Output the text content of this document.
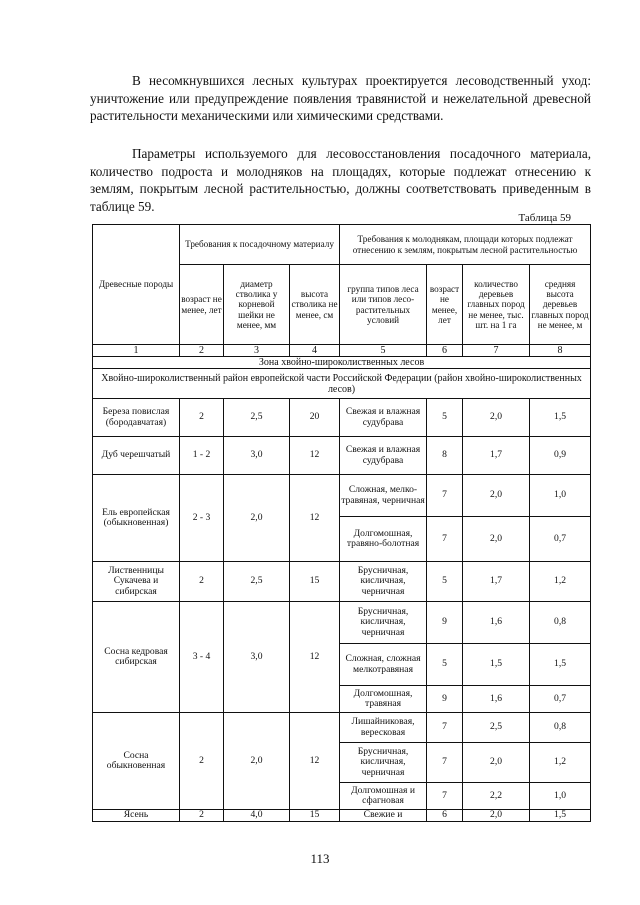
В несомкнувшихся лесных культурах проектируется лесоводственный уход: уничтожение или предупреждение появления травянистой и нежелательной древесной растительности механическими или химическими средствами.
Параметры используемого для лесовосстановления посадочного материала, количество подроста и молодняков на площадях, которые подлежат отнесению к землям, покрытым лесной растительностью, должны соответствовать приведенным в таблице 59.
Таблица 59
Древесные породы	Требования к посадочному материалу			Требования к молоднякам, площади которых подлежат отнесению к землям, покрытым лесной растительностью			
	возраст не менее, лет	диаметр стволика у корневой шейки не менее, мм	высота стволика не менее, см	группа типов леса или типов лесо-растительных условий	возраст не менее, лет	количество деревьев главных пород не менее, тыс. шт. на 1 га	средняя высота деревьев главных пород не менее, м
1	2	3	4	5	6	7	8
Зона хвойно-широколиственных лесов							
Хвойно-широколиственный район европейской части Российской Федерации (район хвойно-широколиственных лесов)							
Береза повислая (бородавчатая)	2	2,5	20	Свежая и влажная судубрава	5	2,0	1,5
Дуб черешчатый	1 - 2	3,0	12	Свежая и влажная судубрава	8	1,7	0,9
Ель европейская (обыкновенная)	2 - 3	2,0	12	Сложная, мелко-травяная, черничная	7	2,0	1,0
				Долгомошная, травяно-болотная	7	2,0	0,7
Лиственницы Сукачева и сибирская	2	2,5	15	Брусничная, кисличная, черничная	5	1,7	1,2
Сосна кедровая сибирская	3 - 4	3,0	12	Брусничная, кисличная, черничная	9	1,6	0,8
				Сложная, сложная мелкотравяная	5	1,5	1,5
				Долгомошная, травяная	9	1,6	0,7
Сосна обыкновенная	2	2,0	12	Лишайниковая, вересковая	7	2,5	0,8
				Брусничная, кисличная, черничная	7	2,0	1,2
				Долгомошная и сфагновая	7	2,2	1,0
Ясень	2	4,0	15	Свежие и	6	2,0	1,5
113
